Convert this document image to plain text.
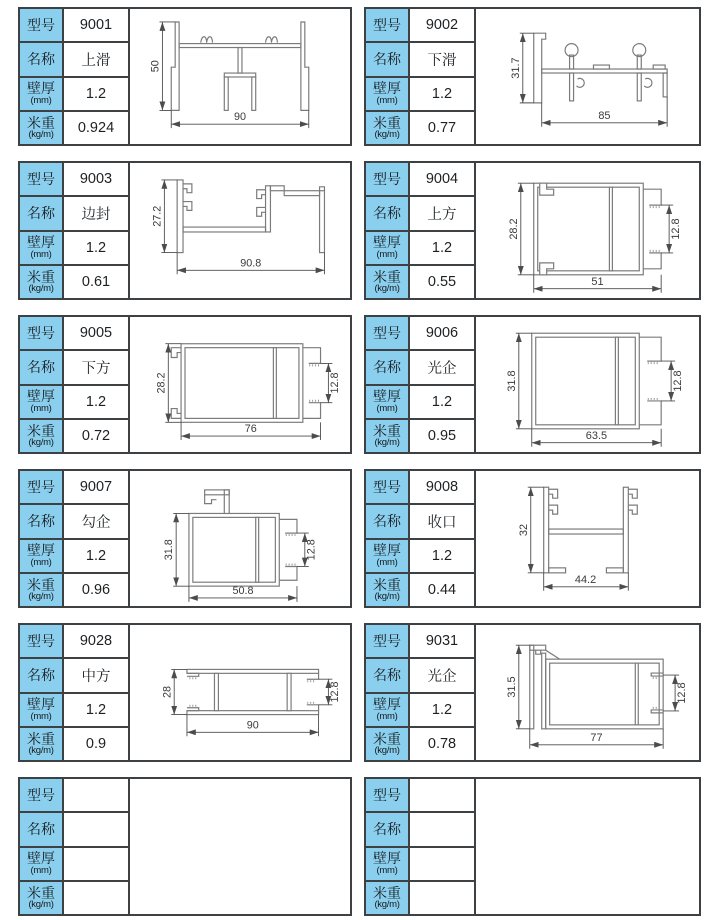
型号	9001
名称	上滑
壁厚
(mm)	1.2
米重
(kg/m)	0.924
50
90
型号	9002
名称	下滑
壁厚
(mm)	1.2
米重
(kg/m)	0.77
31.7
85
型号	9003
名称	边封
壁厚
(mm)	1.2
米重
(kg/m)	0.61
27.2
90.8
型号	9004
名称	上方
壁厚
(mm)	1.2
米重
(kg/m)	0.55
12.8
28.2
51
型号	9005
名称	下方
壁厚
(mm)	1.2
米重
(kg/m)	0.72
12.8
28.2
76
型号	9006
名称	光企
壁厚
(mm)	1.2
米重
(kg/m)	0.95
12.8
31.8
63.5
型号	9007
名称	勾企
壁厚
(mm)	1.2
米重
(kg/m)	0.96
12.8
31.8
50.8
型号	9008
名称	收口
壁厚
(mm)	1.2
米重
(kg/m)	0.44
32
44.2
型号	9028
名称	中方
壁厚
(mm)	1.2
米重
(kg/m)	0.9
12.8
28
90
型号	9031
名称	光企
壁厚
(mm)	1.2
米重
(kg/m)	0.78
12.8
31.5
77
型号
名称
壁厚
(mm)
米重
(kg/m)
型号
名称
壁厚
(mm)
米重
(kg/m)
